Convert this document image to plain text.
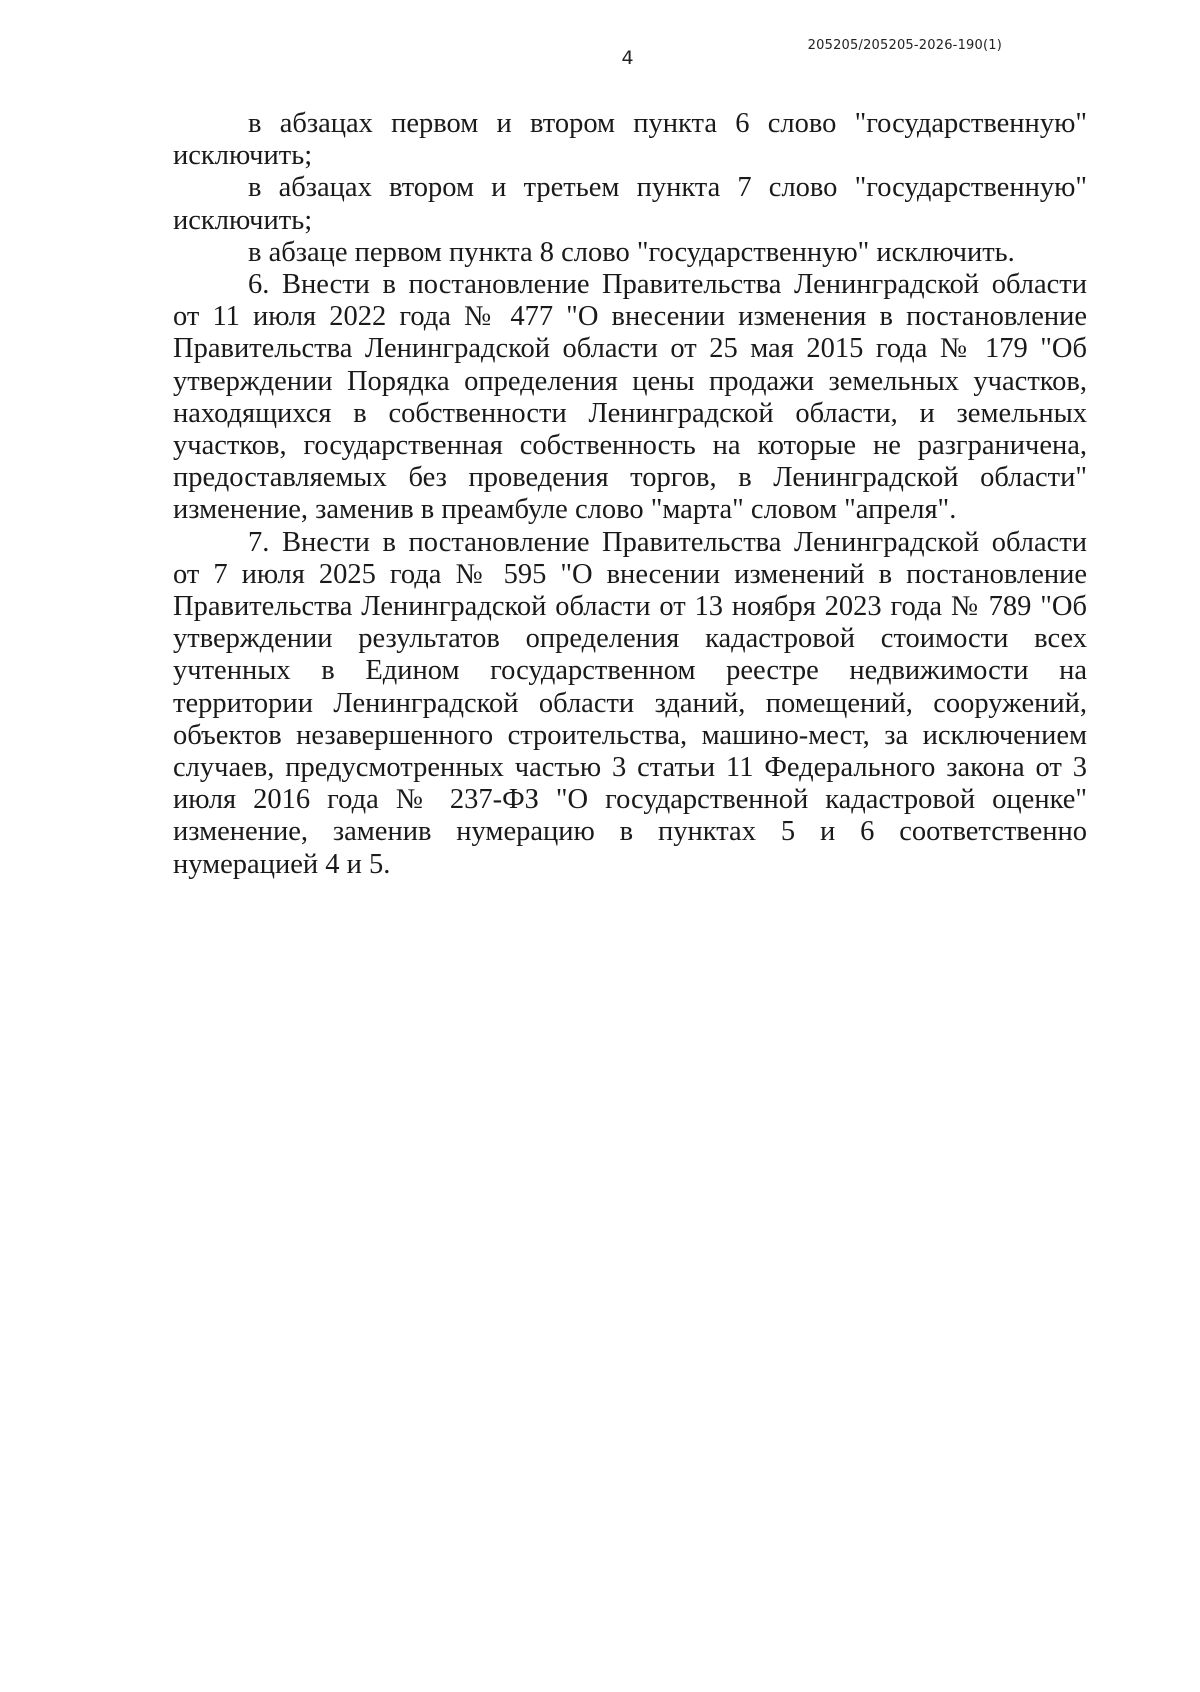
205205/205205-2026-190(1)
4

в абзацах первом и втором пункта 6 слово "государственную" исключить;

в абзацах втором и третьем пункта 7 слово "государственную" исключить;

в абзаце первом пункта 8 слово "государственную" исключить.

6. Внести в постановление Правительства Ленинградской области от 11 июля 2022 года № 477 "О внесении изменения в постановление Правительства Ленинградской области от 25 мая 2015 года № 179 "Об утверждении Порядка определения цены продажи земельных участков, находящихся в собственности Ленинградской области, и земельных участков, государственная собственность на которые не разграничена, предоставляемых без проведения торгов, в Ленинградской области" изменение, заменив в преамбуле слово "марта" словом "апреля".

7. Внести в постановление Правительства Ленинградской области от 7 июля 2025 года № 595 "О внесении изменений в постановление Правительства Ленинградской области от 13 ноября 2023 года № 789 "Об утверждении результатов определения кадастровой стоимости всех учтенных в Едином государственном реестре недвижимости на территории Ленинградской области зданий, помещений, сооружений, объектов незавершенного строительства, машино-мест, за исключением случаев, предусмотренных частью 3 статьи 11 Федерального закона от 3 июля 2016 года № 237-ФЗ "О государственной кадастровой оценке" изменение, заменив нумерацию в пунктах 5 и 6 соответственно нумерацией 4 и 5.
